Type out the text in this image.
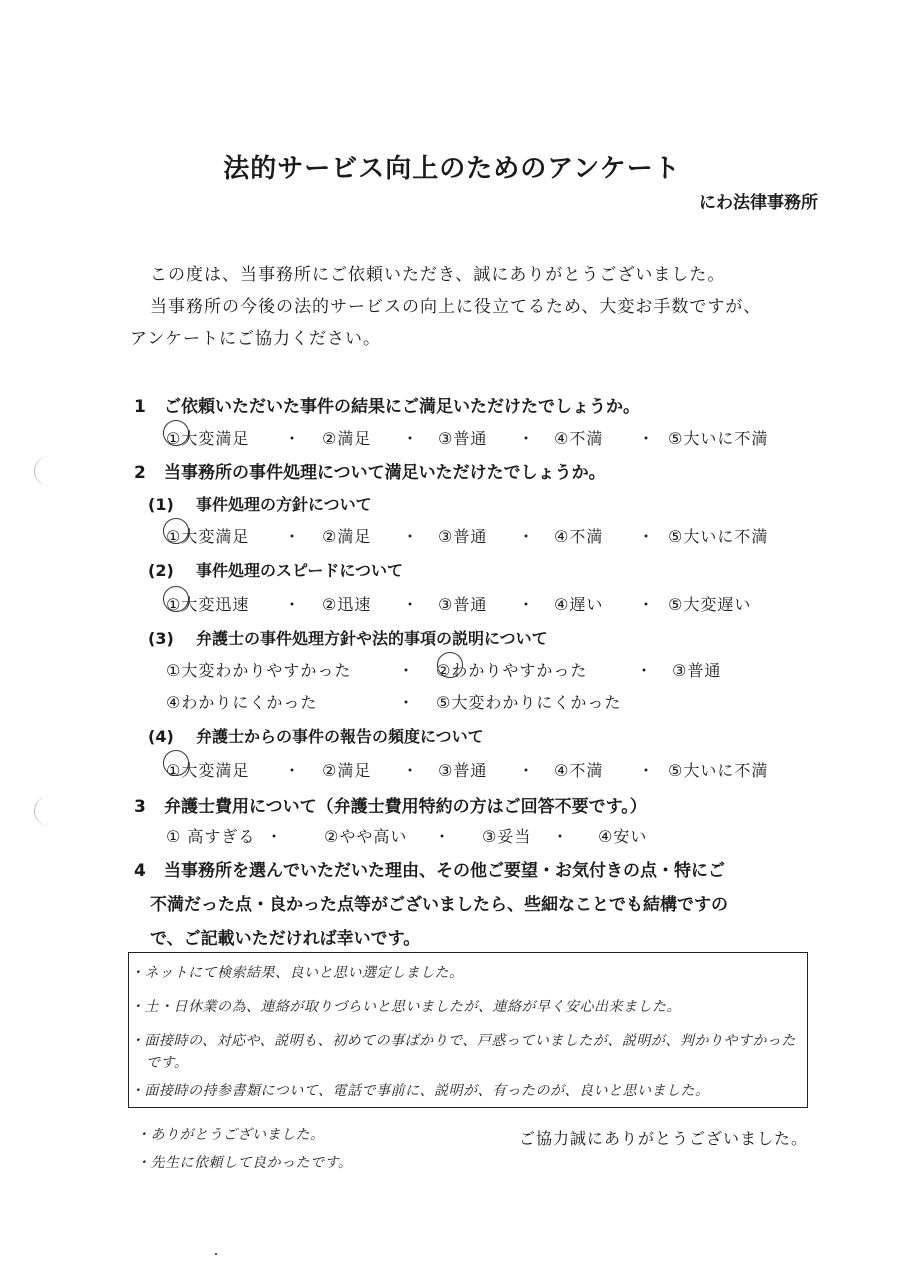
法的サービス向上のためのアンケート
にわ法律事務所
この度は、当事務所にご依頼いただき、誠にありがとうございました。
当事務所の今後の法的サービスの向上に役立てるため、大変お手数ですが、
アンケートにご協力ください。
1 ご依頼いただいた事件の結果にご満足いただけたでしょうか。
①大変満足 ・ ②満足 ・ ③普通 ・ ④不満 ・ ⑤大いに不満
2 当事務所の事件処理について満足いただけたでしょうか。
(1) 事件処理の方針について
①大変満足 ・ ②満足 ・ ③普通 ・ ④不満 ・ ⑤大いに不満
(2) 事件処理のスピードについて
①大変迅速 ・ ②迅速 ・ ③普通 ・ ④遅い ・ ⑤大変遅い
(3) 弁護士の事件処理方針や法的事項の説明について
①大変わかりやすかった	・ ②わかりやすかった	・ ③普通
④わかりにくかった	・ ⑤大変わかりにくかった
(4) 弁護士からの事件の報告の頻度について
①大変満足 ・ ②満足 ・ ③普通 ・ ④不満 ・ ⑤大いに不満
3 弁護士費用について（弁護士費用特約の方はご回答不要です。）
① 高すぎる ・	②やや高い ・ ③妥当 ・ ④安い
4 当事務所を選んでいただいた理由、その他ご要望・お気付きの点・特にご
不満だった点・良かった点等がございましたら、些細なことでも結構ですの
で、ご記載いただければ幸いです。
・ネットにて検索結果、良いと思い選定しました。
・土・日休業の為、連絡が取りづらいと思いましたが、連絡が早く安心出来ました。
・面接時の、対応や、説明も、初めての事ばかりで、戸惑っていましたが、説明が、判かりやすかった
です。
・面接時の持参書類について、電話で事前に、説明が、有ったのが、良いと思いました。
・ありがとうございました。
・先生に依頼して良かったです。
ご協力誠にありがとうございました。
